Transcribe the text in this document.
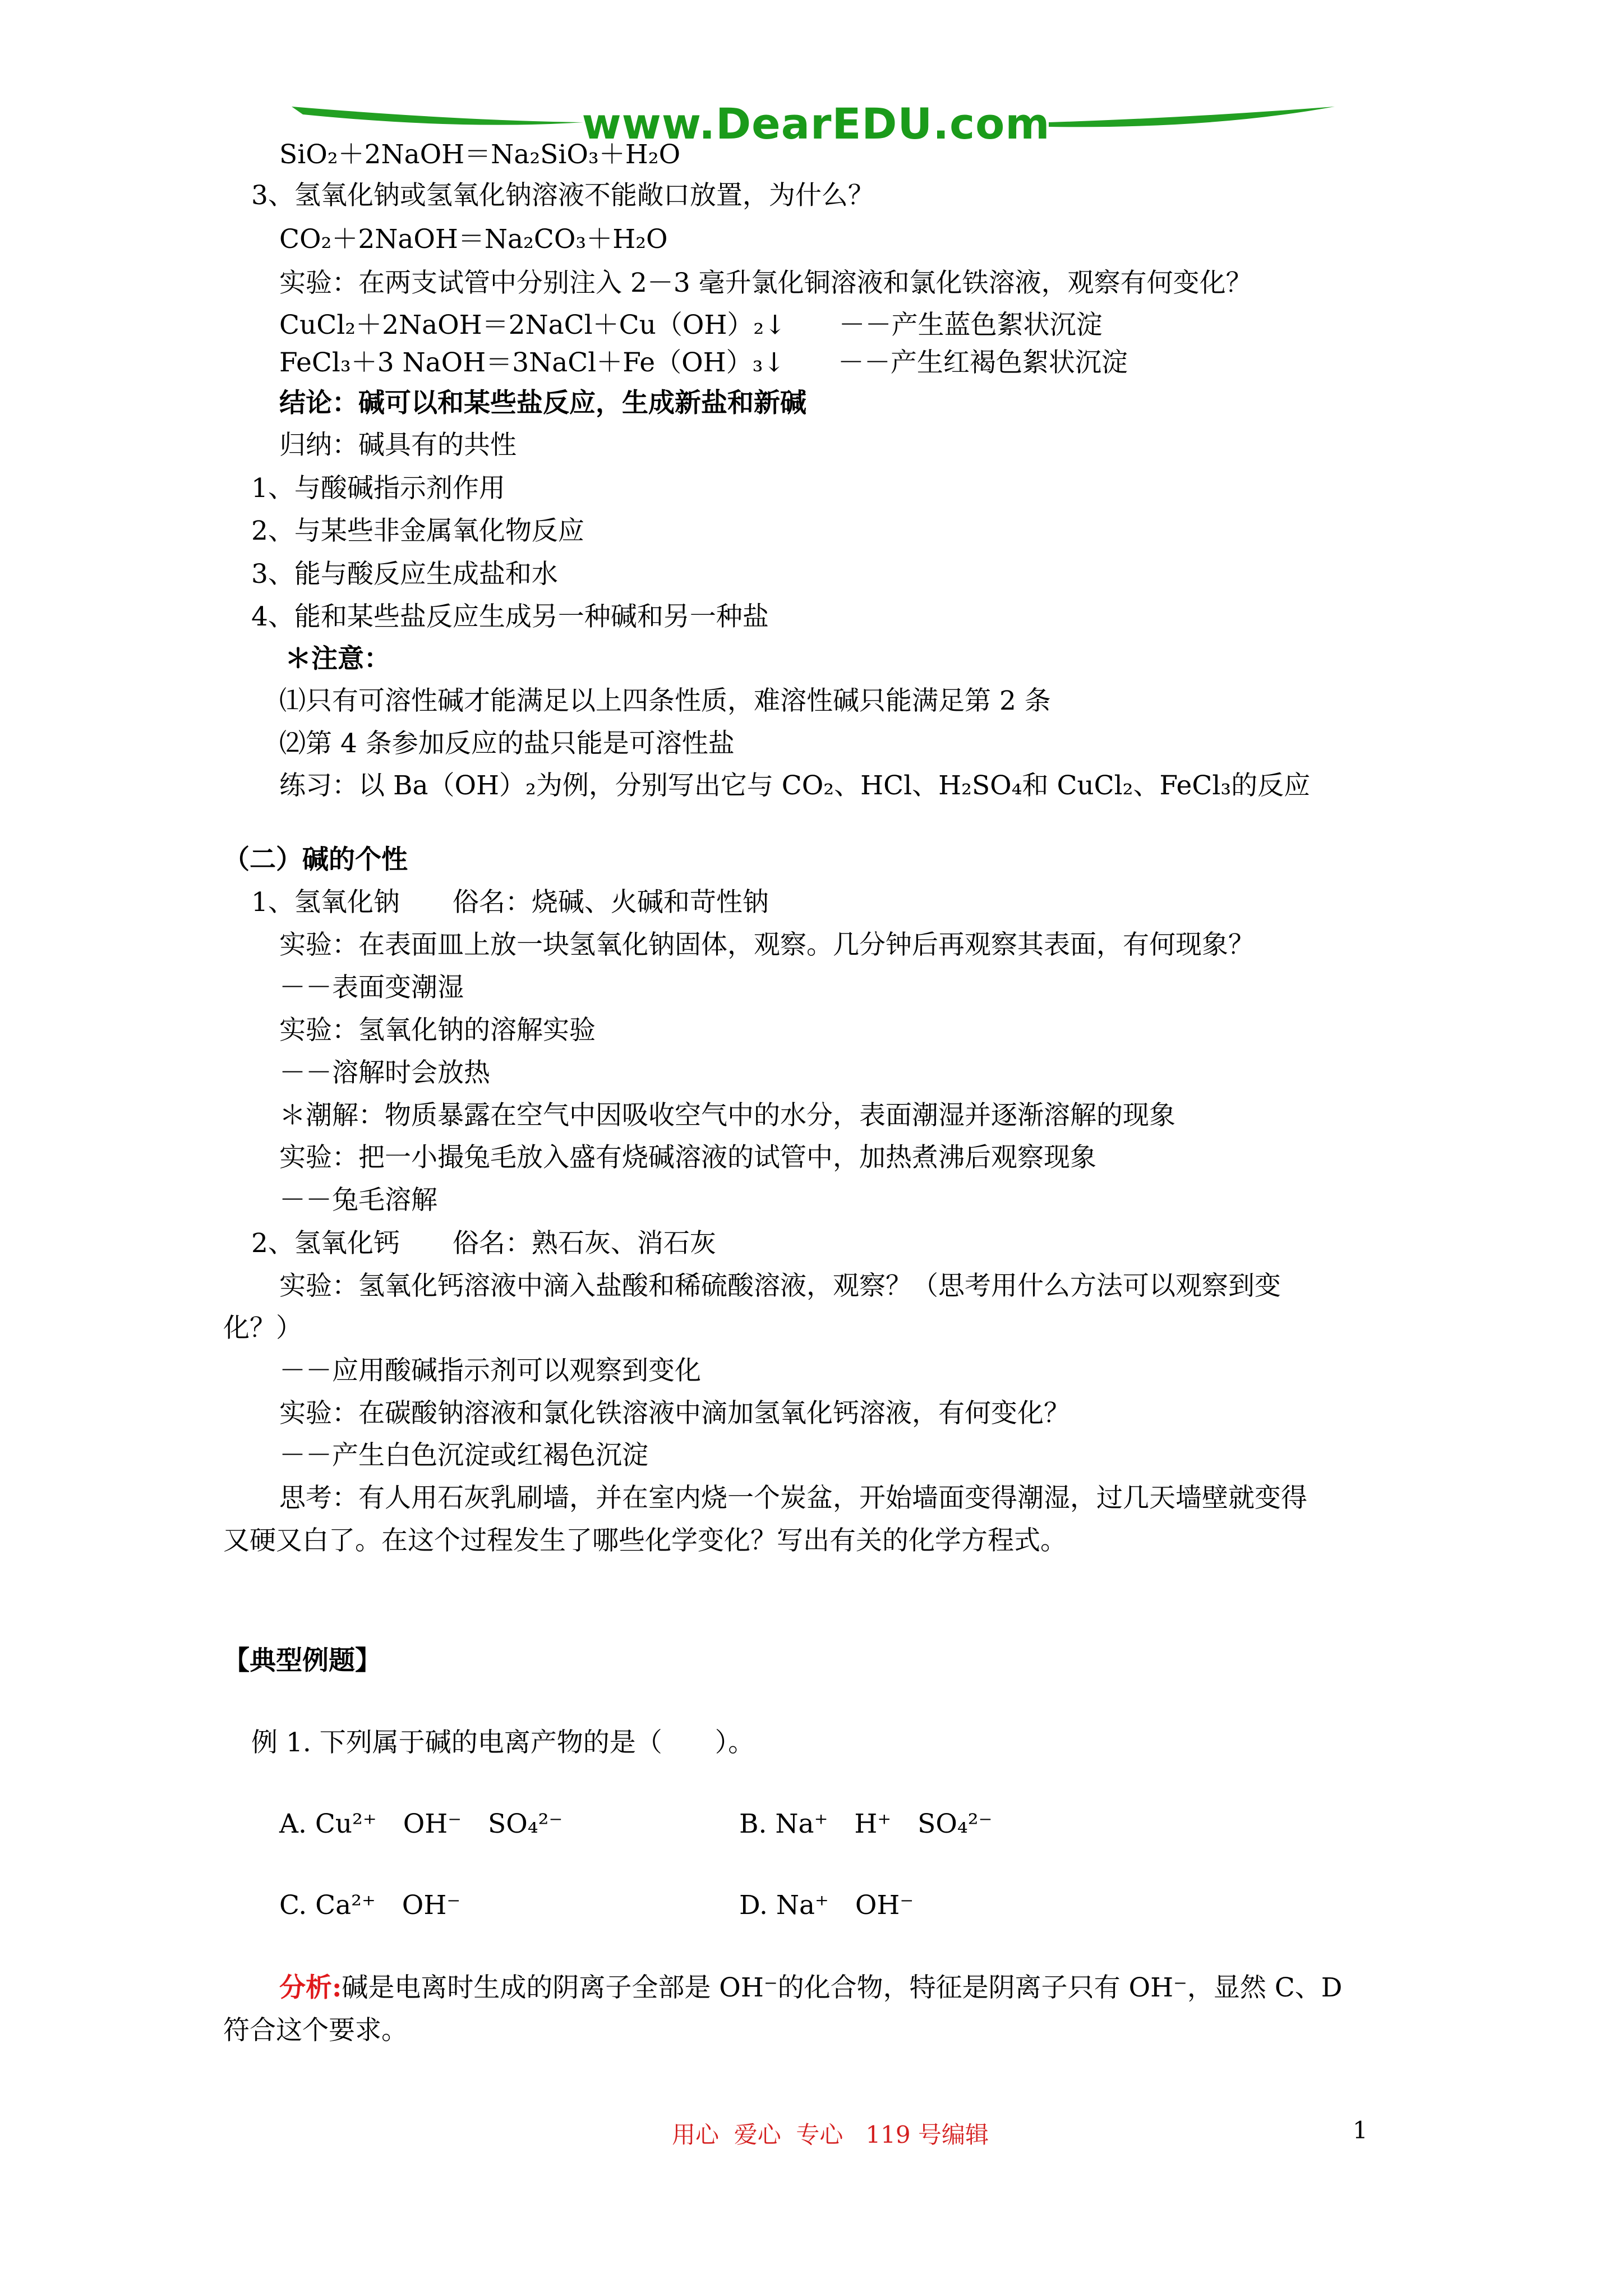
www.DearEDU.com
SiO₂＋2NaOH＝Na₂SiO₃＋H₂O
3、氢氧化钠或氢氧化钠溶液不能敞口放置，为什么？
CO₂＋2NaOH＝Na₂CO₃＋H₂O
实验：在两支试管中分别注入 2－3 毫升氯化铜溶液和氯化铁溶液，观察有何变化？
CuCl₂＋2NaOH＝2NaCl＋Cu（OH）₂↓　　－－产生蓝色絮状沉淀
FeCl₃＋3 NaOH＝3NaCl＋Fe（OH）₃↓　　－－产生红褐色絮状沉淀
结论：碱可以和某些盐反应，生成新盐和新碱
归纳：碱具有的共性
1、与酸碱指示剂作用
2、与某些非金属氧化物反应
3、能与酸反应生成盐和水
4、能和某些盐反应生成另一种碱和另一种盐
＊注意：
⑴只有可溶性碱才能满足以上四条性质，难溶性碱只能满足第 2 条
⑵第 4 条参加反应的盐只能是可溶性盐
练习：以 Ba（OH）₂为例，分别写出它与 CO₂、HCl、H₂SO₄和 CuCl₂、FeCl₃的反应
（二）碱的个性
1、氢氧化钠　　俗名：烧碱、火碱和苛性钠
实验：在表面皿上放一块氢氧化钠固体，观察。几分钟后再观察其表面，有何现象？
－－表面变潮湿
实验：氢氧化钠的溶解实验
－－溶解时会放热
＊潮解：物质暴露在空气中因吸收空气中的水分，表面潮湿并逐渐溶解的现象
实验：把一小撮兔毛放入盛有烧碱溶液的试管中，加热煮沸后观察现象
－－兔毛溶解
2、氢氧化钙　　俗名：熟石灰、消石灰
实验：氢氧化钙溶液中滴入盐酸和稀硫酸溶液，观察？（思考用什么方法可以观察到变
化？）
－－应用酸碱指示剂可以观察到变化
实验：在碳酸钠溶液和氯化铁溶液中滴加氢氧化钙溶液，有何变化？
－－产生白色沉淀或红褐色沉淀
思考：有人用石灰乳刷墙，并在室内烧一个炭盆，开始墙面变得潮湿，过几天墙壁就变得
又硬又白了。在这个过程发生了哪些化学变化？写出有关的化学方程式。
【典型例题】
例 1. 下列属于碱的电离产物的是（　　）。
A. Cu²⁺　OH⁻　SO₄²⁻	B. Na⁺　H⁺　SO₄²⁻
C. Ca²⁺　OH⁻	D. Na⁺　OH⁻
分析:碱是电离时生成的阴离子全部是 OH⁻的化合物，特征是阴离子只有 OH⁻，显然 C、D
符合这个要求。
用心  爱心  专心   119 号编辑	1
